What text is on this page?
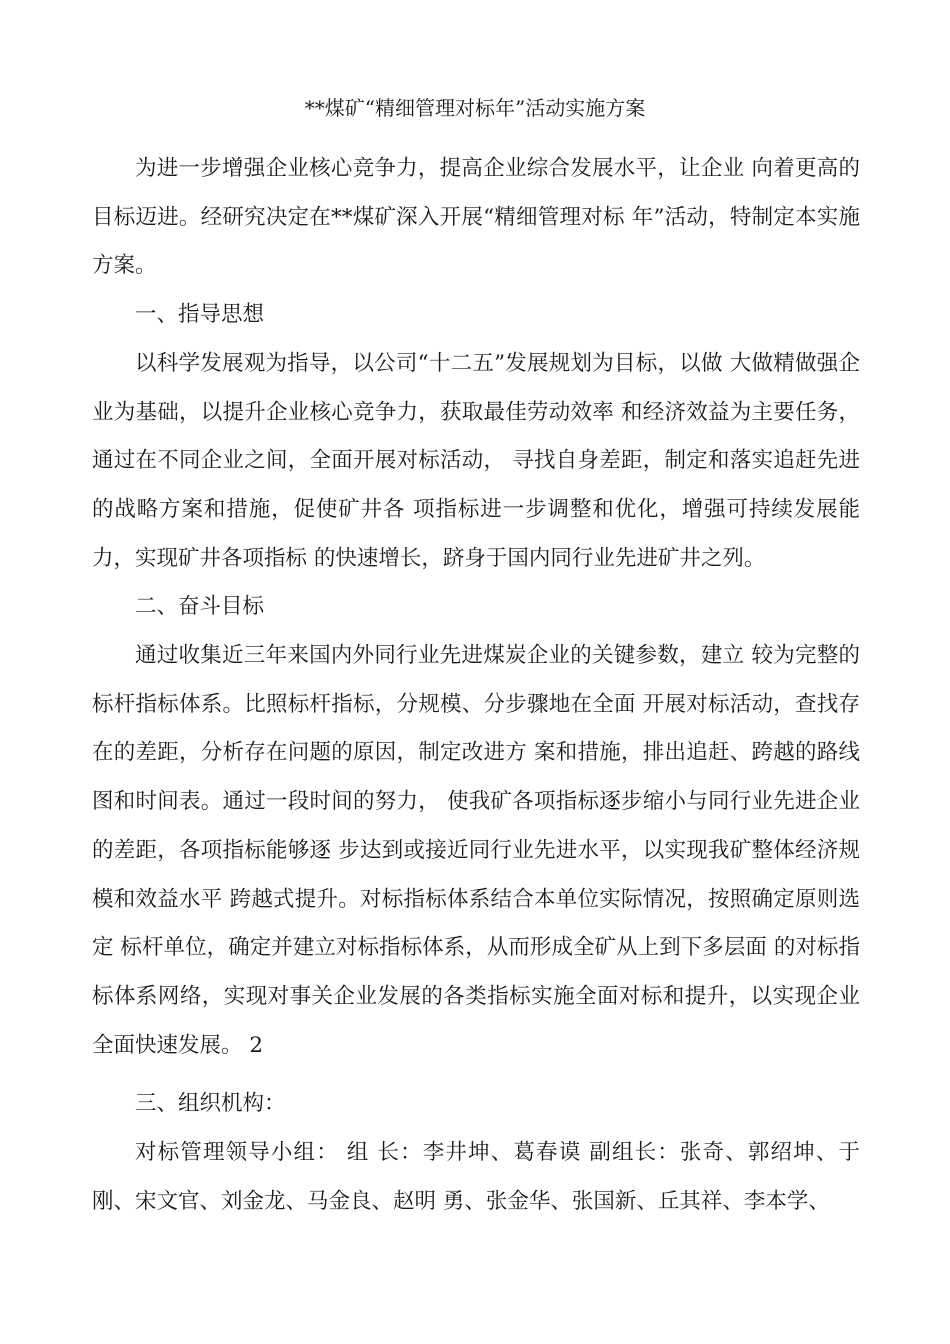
**煤矿“精细管理对标年”活动实施方案

为进一步增强企业核心竞争力，提高企业综合发展水平，让企业 向着更高的目标迈进。经研究决定在**煤矿深入开展“精细管理对标 年”活动，特制定本实施方案。

一、指导思想

以科学发展观为指导，以公司“十二五”发展规划为目标，以做 大做精做强企业为基础，以提升企业核心竞争力，获取最佳劳动效率 和经济效益为主要任务，通过在不同企业之间，全面开展对标活动， 寻找自身差距，制定和落实追赶先进的战略方案和措施，促使矿井各 项指标进一步调整和优化，增强可持续发展能力，实现矿井各项指标 的快速增长，跻身于国内同行业先进矿井之列。

二、奋斗目标

通过收集近三年来国内外同行业先进煤炭企业的关键参数，建立 较为完整的标杆指标体系。比照标杆指标，分规模、分步骤地在全面 开展对标活动，查找存在的差距，分析存在问题的原因，制定改进方 案和措施，排出追赶、跨越的路线图和时间表。通过一段时间的努力， 使我矿各项指标逐步缩小与同行业先进企业的差距，各项指标能够逐 步达到或接近同行业先进水平，以实现我矿整体经济规模和效益水平 跨越式提升。对标指标体系结合本单位实际情况，按照确定原则选定 标杆单位，确定并建立对标指标体系，从而形成全矿从上到下多层面 的对标指标体系网络，实现对事关企业发展的各类指标实施全面对标和提升，以实现企业全面快速发展。 2

三、组织机构：

对标管理领导小组： 组 长：李井坤、葛春谟 副组长：张奇、郭绍坤、于刚、宋文官、刘金龙、马金良、赵明 勇、张金华、张国新、丘其祥、李本学、
